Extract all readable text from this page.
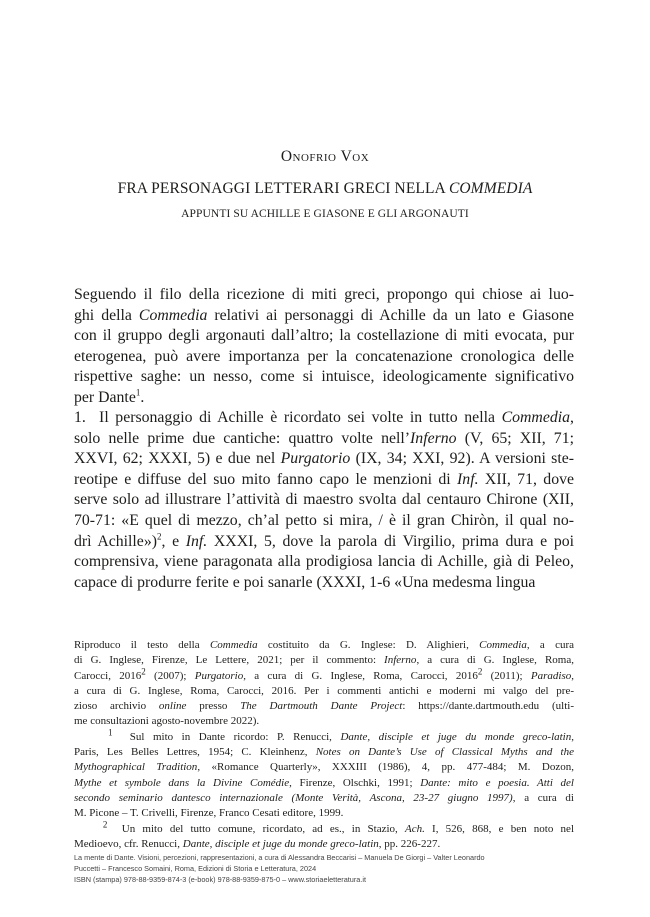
Onofrio Vox
FRA PERSONAGGI LETTERARI GRECI NELLA COMMEDIA
APPUNTI SU ACHILLE E GIASONE E GLI ARGONAUTI
Seguendo il filo della ricezione di miti greci, propongo qui chiose ai luo-
ghi della Commedia relativi ai personaggi di Achille da un lato e Giasone
con il gruppo degli argonauti dall’altro; la costellazione di miti evocata, pur
eterogenea, può avere importanza per la concatenazione cronologica delle
rispettive saghe: un nesso, come si intuisce, ideologicamente significativo
per Dante$^1$.
1.  Il personaggio di Achille è ricordato sei volte in tutto nella Commedia,
solo nelle prime due cantiche: quattro volte nell’Inferno (V, 65; XII, 71;
XXVI, 62; XXXI, 5) e due nel Purgatorio (IX, 34; XXI, 92). A versioni ste-
reotipe e diffuse del suo mito fanno capo le menzioni di Inf. XII, 71, dove
serve solo ad illustrare l’attività di maestro svolta dal centauro Chirone (XII,
70-71: «E quel di mezzo, ch’al petto si mira, / è il gran Chiròn, il qual no-
drì Achille»)$^2$, e Inf. XXXI, 5, dove la parola di Virgilio, prima dura e poi
comprensiva, viene paragonata alla prodigiosa lancia di Achille, già di Peleo,
capace di produrre ferite e poi sanarle (XXXI, 1-6 «Una medesma lingua
Riproduco il testo della Commedia costituito da G. Inglese: D. Alighieri, Commedia, a cura
di G. Inglese, Firenze, Le Lettere, 2021; per il commento: Inferno, a cura di G. Inglese, Roma,
Carocci, 2016$^2$ (2007); Purgatorio, a cura di G. Inglese, Roma, Carocci, 2016$^2$ (2011); Paradiso,
a cura di G. Inglese, Roma, Carocci, 2016. Per i commenti antichi e moderni mi valgo del pre-
zioso archivio online presso The Dartmouth Dante Project: https://dante.dartmouth.edu (ulti-
me consultazioni agosto-novembre 2022).
$^1$  Sul mito in Dante ricordo: P. Renucci, Dante, disciple et juge du monde greco-latin,
Paris, Les Belles Lettres, 1954; C. Kleinhenz, Notes on Dante’s Use of Classical Myths and the
Mythographical Tradition, «Romance Quarterly», XXXIII (1986), 4, pp. 477-484; M. Dozon,
Mythe et symbole dans la Divine Comédie, Firenze, Olschki, 1991; Dante: mito e poesia. Atti del
secondo seminario dantesco internazionale (Monte Verità, Ascona, 23-27 giugno 1997), a cura di
M. Picone – T. Crivelli, Firenze, Franco Cesati editore, 1999.
$^2$  Un mito del tutto comune, ricordato, ad es., in Stazio, Ach. I, 526, 868, e ben noto nel
Medioevo, cfr. Renucci, Dante, disciple et juge du monde greco-latin, pp. 226-227.
La mente di Dante. Visioni, percezioni, rappresentazioni, a cura di Alessandra Beccarisi – Manuela De Giorgi – Valter Leonardo
Puccetti – Francesco Somaini, Roma, Edizioni di Storia e Letteratura, 2024
ISBN (stampa) 978-88-9359-874-3 (e-book) 978-88-9359-875-0 – www.storiaeletteratura.it
